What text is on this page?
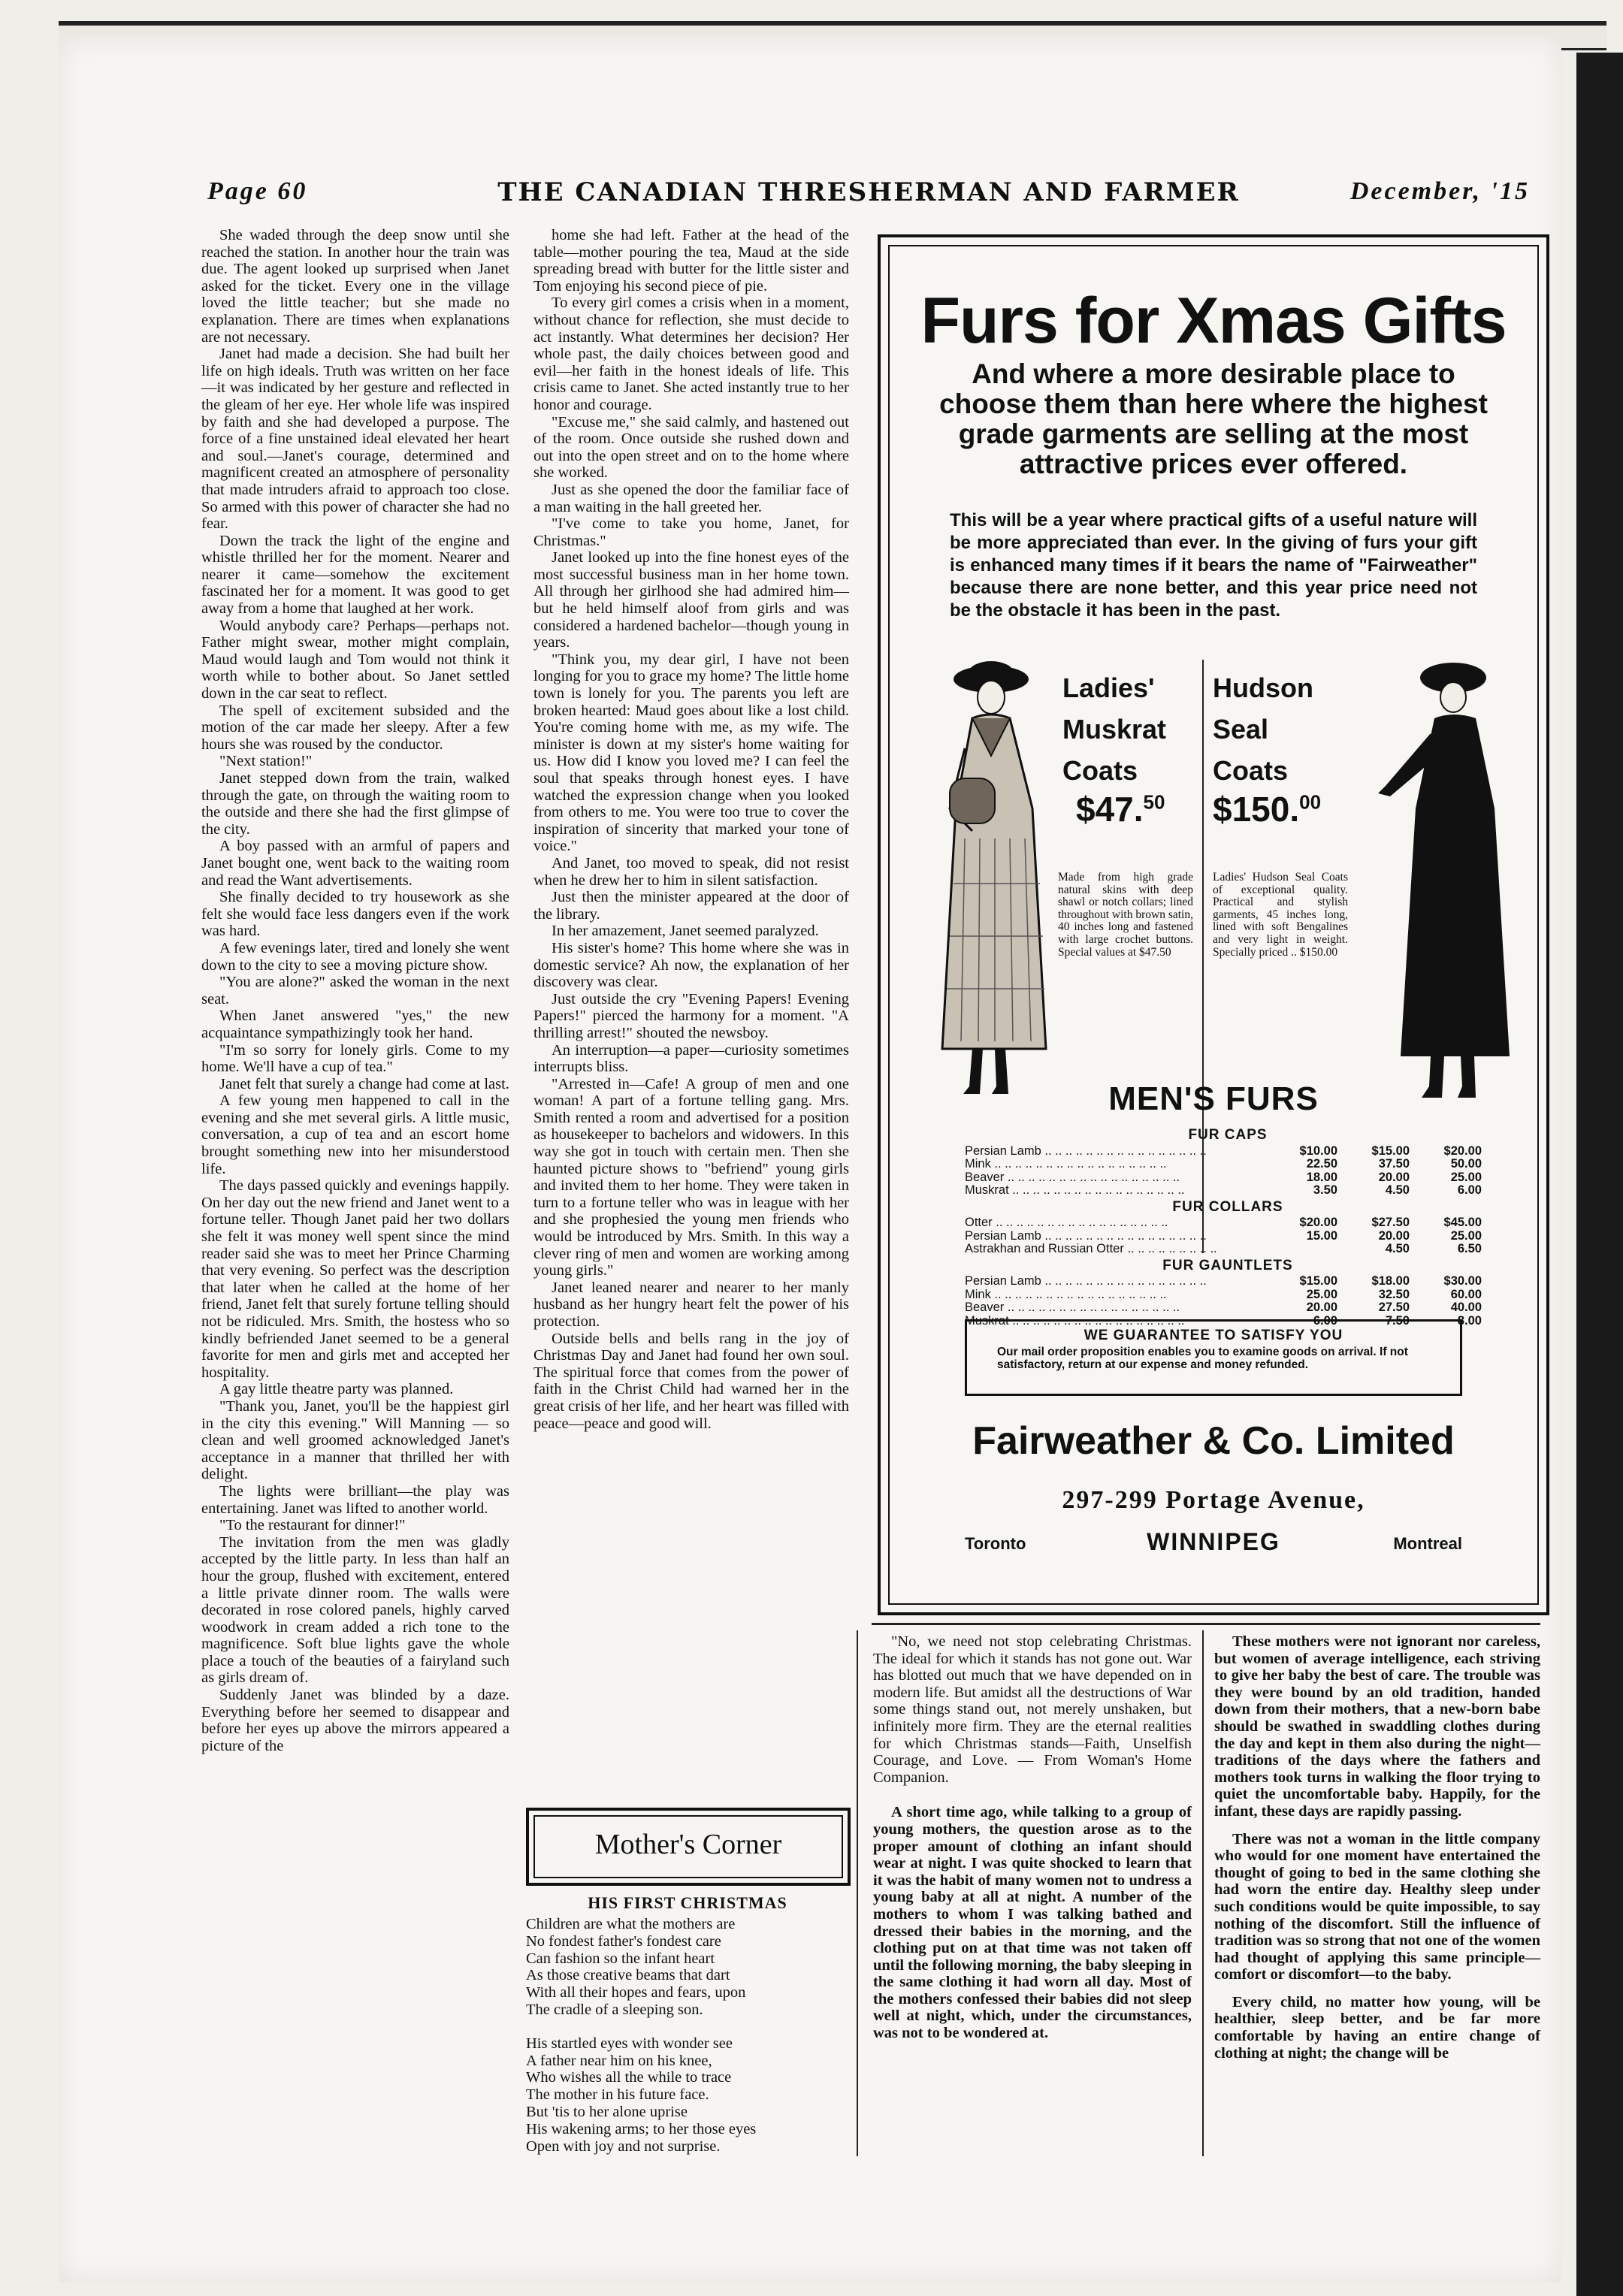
Page 60	THE CANADIAN THRESHERMAN AND FARMER	December, '15

She waded through the deep snow until she reached the station. In another hour the train was due. The agent looked up surprised when Janet asked for the ticket. Every one in the village loved the little teacher; but she made no explanation. There are times when explanations are not necessary.

Janet had made a decision. She had built her life on high ideals. Truth was written on her face—it was indicated by her gesture and reflected in the gleam of her eye. Her whole life was inspired by faith and she had developed a purpose. The force of a fine unstained ideal elevated her heart and soul.—Janet's courage, determined and magnificent created an atmosphere of personality that made intruders afraid to approach too close. So armed with this power of character she had no fear.

Down the track the light of the engine and whistle thrilled her for the moment. Nearer and nearer it came—somehow the excitement fascinated her for a moment. It was good to get away from a home that laughed at her work.

Would anybody care? Perhaps—perhaps not. Father might swear, mother might complain, Maud would laugh and Tom would not think it worth while to bother about. So Janet settled down in the car seat to reflect.

The spell of excitement subsided and the motion of the car made her sleepy. After a few hours she was roused by the conductor.

"Next station!"

Janet stepped down from the train, walked through the gate, on through the waiting room to the outside and there she had the first glimpse of the city.

A boy passed with an armful of papers and Janet bought one, went back to the waiting room and read the Want advertisements.

She finally decided to try housework as she felt she would face less dangers even if the work was hard.

A few evenings later, tired and lonely she went down to the city to see a moving picture show.

"You are alone?" asked the woman in the next seat.

When Janet answered "yes," the new acquaintance sympathizingly took her hand.

"I'm so sorry for lonely girls. Come to my home. We'll have a cup of tea."

Janet felt that surely a change had come at last.

A few young men happened to call in the evening and she met several girls. A little music, conversation, a cup of tea and an escort home brought something new into her misunderstood life.

The days passed quickly and evenings happily. On her day out the new friend and Janet went to a fortune teller. Though Janet paid her two dollars she felt it was money well spent since the mind reader said she was to meet her Prince Charming that very evening. So perfect was the description that later when he called at the home of her friend, Janet felt that surely fortune telling should not be ridiculed. Mrs. Smith, the hostess who so kindly befriended Janet seemed to be a general favorite for men and girls met and accepted her hospitality.

A gay little theatre party was planned.

"Thank you, Janet, you'll be the happiest girl in the city this evening." Will Manning — so clean and well groomed acknowledged Janet's acceptance in a manner that thrilled her with delight.

The lights were brilliant—the play was entertaining. Janet was lifted to another world.

"To the restaurant for dinner!"

The invitation from the men was gladly accepted by the little party. In less than half an hour the group, flushed with excitement, entered a little private dinner room. The walls were decorated in rose colored panels, highly carved woodwork in cream added a rich tone to the magnificence. Soft blue lights gave the whole place a touch of the beauties of a fairyland such as girls dream of.

Suddenly Janet was blinded by a daze. Everything before her seemed to disappear and before her eyes up above the mirrors appeared a picture of the

home she had left. Father at the head of the table—mother pouring the tea, Maud at the side spreading bread with butter for the little sister and Tom enjoying his second piece of pie.

To every girl comes a crisis when in a moment, without chance for reflection, she must decide to act instantly. What determines her decision? Her whole past, the daily choices between good and evil—her faith in the honest ideals of life. This crisis came to Janet. She acted instantly true to her honor and courage.

"Excuse me," she said calmly, and hastened out of the room. Once outside she rushed down and out into the open street and on to the home where she worked.

Just as she opened the door the familiar face of a man waiting in the hall greeted her.

"I've come to take you home, Janet, for Christmas."

Janet looked up into the fine honest eyes of the most successful business man in her home town. All through her girlhood she had admired him—but he held himself aloof from girls and was considered a hardened bachelor—though young in years.

"Think you, my dear girl, I have not been longing for you to grace my home? The little home town is lonely for you. The parents you left are broken hearted: Maud goes about like a lost child. You're coming home with me, as my wife. The minister is down at my sister's home waiting for us. How did I know you loved me? I can feel the soul that speaks through honest eyes. I have watched the expression change when you looked from others to me. You were too true to cover the inspiration of sincerity that marked your tone of voice."

And Janet, too moved to speak, did not resist when he drew her to him in silent satisfaction.

Just then the minister appeared at the door of the library.

In her amazement, Janet seemed paralyzed.

His sister's home? This home where she was in domestic service? Ah now, the explanation of her discovery was clear.

Just outside the cry "Evening Papers! Evening Papers!" pierced the harmony for a moment. "A thrilling arrest!" shouted the newsboy.

An interruption—a paper—curiosity sometimes interrupts bliss.

"Arrested in—Cafe! A group of men and one woman! A part of a fortune telling gang. Mrs. Smith rented a room and advertised for a position as housekeeper to bachelors and widowers. In this way she got in touch with certain men. Then she haunted picture shows to "befriend" young girls and invited them to her home. They were taken in turn to a fortune teller who was in league with her and she prophesied the young men friends who would be introduced by Mrs. Smith. In this way a clever ring of men and women are working among young girls."

Janet leaned nearer and nearer to her manly husband as her hungry heart felt the power of his protection.

Outside bells and bells rang in the joy of Christmas Day and Janet had found her own soul. The spiritual force that comes from the power of faith in the Christ Child had warned her in the great crisis of her life, and her heart was filled with peace—peace and good will.

Furs for Xmas Gifts
And where a more desirable place to choose them than here where the highest grade garments are selling at the most attractive prices ever offered.
This will be a year where practical gifts of a useful nature will be more appreciated than ever. In the giving of furs your gift is enhanced many times if it bears the name of "Fairweather" because there are none better, and this year price need not be the obstacle it has been in the past.
Ladies'
Muskrat
Coats
Hudson
Seal
Coats
$47.50 $150.00
Made from high grade natural skins with deep shawl or notch collars; lined throughout with brown satin, 40 inches long and fastened with large crochet buttons. Special values at $47.50
Ladies' Hudson Seal Coats of exceptional quality. Practical and stylish garments, 45 inches long, lined with soft Bengalines and very light in weight. Specially priced .. $150.00
MEN'S FURS
FUR CAPS
Persian Lamb .. .. .. .. .. .. .. .. .. .. .. .. .. .. .. ..	$10.00	$15.00	$20.00
Mink .. .. .. .. .. .. .. .. .. .. .. .. .. .. .. .. ..	22.50	37.50	50.00
Beaver .. .. .. .. .. .. .. .. .. .. .. .. .. .. .. .. ..	18.00	20.00	25.00
Muskrat .. .. .. .. .. .. .. .. .. .. .. .. .. .. .. .. ..	3.50	4.50	6.00
FUR COLLARS
Otter .. .. .. .. .. .. .. .. .. .. .. .. .. .. .. .. ..	$20.00	$27.50	$45.00
Persian Lamb .. .. .. .. .. .. .. .. .. .. .. .. .. .. .. ..	15.00	20.00	25.00
Astrakhan and Russian Otter .. .. .. .. .. .. .. .. ..	4.50	6.50
FUR GAUNTLETS
Persian Lamb .. .. .. .. .. .. .. .. .. .. .. .. .. .. .. ..	$15.00	$18.00	$30.00
Mink .. .. .. .. .. .. .. .. .. .. .. .. .. .. .. .. ..	25.00	32.50	60.00
Beaver .. .. .. .. .. .. .. .. .. .. .. .. .. .. .. .. ..	20.00	27.50	40.00
Muskrat .. .. .. .. .. .. .. .. .. .. .. .. .. .. .. .. ..	6.00	7.50	8.00
WE GUARANTEE TO SATISFY YOU
Our mail order proposition enables you to examine goods on arrival. If not satisfactory, return at our expense and money refunded.
Fairweather & Co. Limited
297-299 Portage Avenue,
Toronto	WINNIPEG	Montreal
Mother's Corner
HIS FIRST CHRISTMAS
Children are what the mothers are
No fondest father's fondest care
Can fashion so the infant heart
As those creative beams that dart
With all their hopes and fears, upon
The cradle of a sleeping son.
His startled eyes with wonder see
A father near him on his knee,
Who wishes all the while to trace
The mother in his future face.
But 'tis to her alone uprise
His wakening arms; to her those eyes
Open with joy and not surprise.

"No, we need not stop celebrating Christmas. The ideal for which it stands has not gone out. War has blotted out much that we have depended on in modern life. But amidst all the destructions of War some things stand out, not merely unshaken, but infinitely more firm. They are the eternal realities for which Christmas stands—Faith, Unselfish Courage, and Love. — From Woman's Home Companion.

A short time ago, while talking to a group of young mothers, the question arose as to the proper amount of clothing an infant should wear at night. I was quite shocked to learn that it was the habit of many women not to undress a young baby at all at night. A number of the mothers to whom I was talking bathed and dressed their babies in the morning, and the clothing put on at that time was not taken off until the following morning, the baby sleeping in the same clothing it had worn all day. Most of the mothers confessed their babies did not sleep well at night, which, under the circumstances, was not to be wondered at.

These mothers were not ignorant nor careless, but women of average intelligence, each striving to give her baby the best of care. The trouble was they were bound by an old tradition, handed down from their mothers, that a new-born babe should be swathed in swaddling clothes during the day and kept in them also during the night—traditions of the days where the fathers and mothers took turns in walking the floor trying to quiet the uncomfortable baby. Happily, for the infant, these days are rapidly passing.

There was not a woman in the little company who would for one moment have entertained the thought of going to bed in the same clothing she had worn the entire day. Healthy sleep under such conditions would be quite impossible, to say nothing of the discomfort. Still the influence of tradition was so strong that not one of the women had thought of applying this same principle—comfort or discomfort—to the baby.

Every child, no matter how young, will be healthier, sleep better, and be far more comfortable by having an entire change of clothing at night; the change will be
